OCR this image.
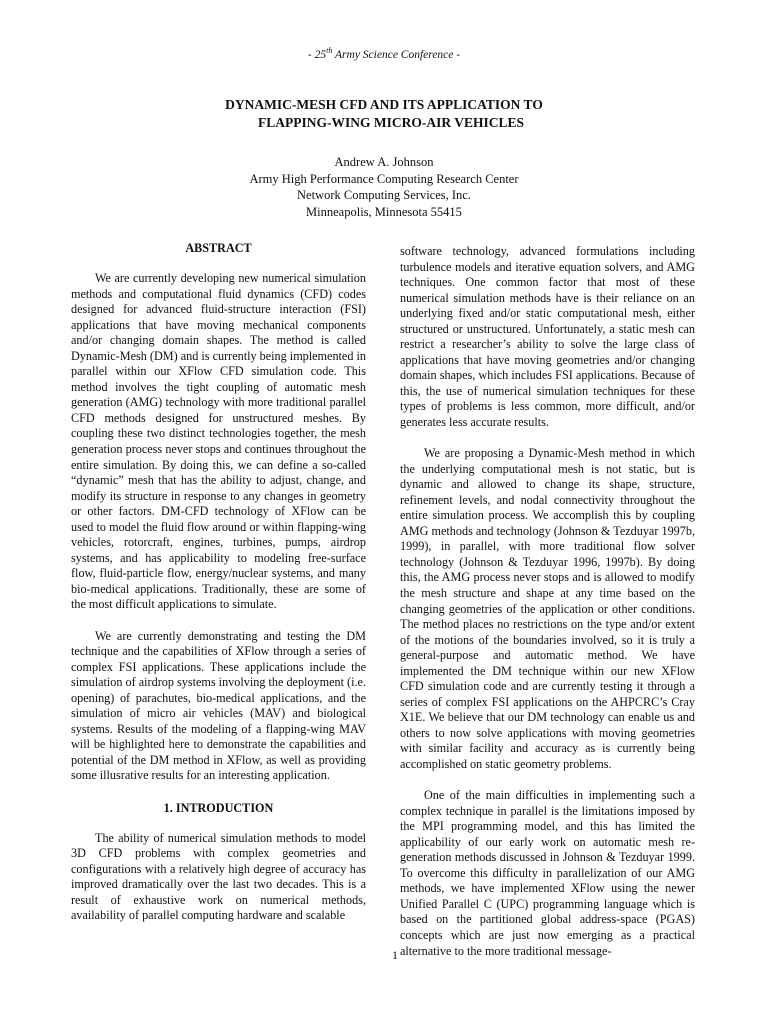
- 25th Army Science Conference -
DYNAMIC-MESH CFD AND ITS APPLICATION TO
FLAPPING-WING MICRO-AIR VEHICLES
Andrew A. Johnson
Army High Performance Computing Research Center
Network Computing Services, Inc.
Minneapolis, Minnesota 55415
ABSTRACT

We are currently developing new numerical simulation methods and computational fluid dynamics (CFD) codes designed for advanced fluid-structure interaction (FSI) applications that have moving mechanical components and/or changing domain shapes. The method is called Dynamic-Mesh (DM) and is currently being implemented in parallel within our XFlow CFD simulation code. This method involves the tight coupling of automatic mesh generation (AMG) technology with more traditional parallel CFD methods designed for unstructured meshes. By coupling these two distinct technologies together, the mesh generation process never stops and continues throughout the entire simulation. By doing this, we can define a so-called “dynamic” mesh that has the ability to adjust, change, and modify its structure in response to any changes in geometry or other factors. DM-CFD technology of XFlow can be used to model the fluid flow around or within flapping-wing vehicles, rotorcraft, engines, turbines, pumps, airdrop systems, and has applicability to modeling free-surface flow, fluid-particle flow, energy/nuclear systems, and many bio-medical applications. Traditionally, these are some of the most difficult applications to simulate.

We are currently demonstrating and testing the DM technique and the capabilities of XFlow through a series of complex FSI applications. These applications include the simulation of airdrop systems involving the deployment (i.e. opening) of parachutes, bio-medical applications, and the simulation of micro air vehicles (MAV) and biological systems. Results of the modeling of a flapping-wing MAV will be highlighted here to demonstrate the capabilities and potential of the DM method in XFlow, as well as providing some illusrative results for an interesting application.

1. INTRODUCTION

The ability of numerical simulation methods to model 3D CFD problems with complex geometries and configurations with a relatively high degree of accuracy has improved dramatically over the last two decades. This is a result of exhaustive work on numerical methods, availability of parallel computing hardware and scalable

software technology, advanced formulations including turbulence models and iterative equation solvers, and AMG techniques. One common factor that most of these numerical simulation methods have is their reliance on an underlying fixed and/or static computational mesh, either structured or unstructured. Unfortunately, a static mesh can restrict a researcher’s ability to solve the large class of applications that have moving geometries and/or changing domain shapes, which includes FSI applications. Because of this, the use of numerical simulation techniques for these types of problems is less common, more difficult, and/or generates less accurate results.

We are proposing a Dynamic-Mesh method in which the underlying computational mesh is not static, but is dynamic and allowed to change its shape, structure, refinement levels, and nodal connectivity throughout the entire simulation process. We accomplish this by coupling AMG methods and technology (Johnson & Tezduyar 1997b, 1999), in parallel, with more traditional flow solver technology (Johnson & Tezduyar 1996, 1997b). By doing this, the AMG process never stops and is allowed to modify the mesh structure and shape at any time based on the changing geometries of the application or other conditions. The method places no restrictions on the type and/or extent of the motions of the boundaries involved, so it is truly a general-purpose and automatic method. We have implemented the DM technique within our new XFlow CFD simulation code and are currently testing it through a series of complex FSI applications on the AHPCRC’s Cray X1E. We believe that our DM technology can enable us and others to now solve applications with moving geometries with similar facility and accuracy as is currently being accomplished on static geometry problems.

One of the main difficulties in implementing such a complex technique in parallel is the limitations imposed by the MPI programming model, and this has limited the applicability of our early work on automatic mesh re-generation methods discussed in Johnson & Tezduyar 1999. To overcome this difficulty in parallelization of our AMG methods, we have implemented XFlow using the newer Unified Parallel C (UPC) programming language which is based on the partitioned global address-space (PGAS) concepts which are just now emerging as a practical alternative to the more traditional message-

1
